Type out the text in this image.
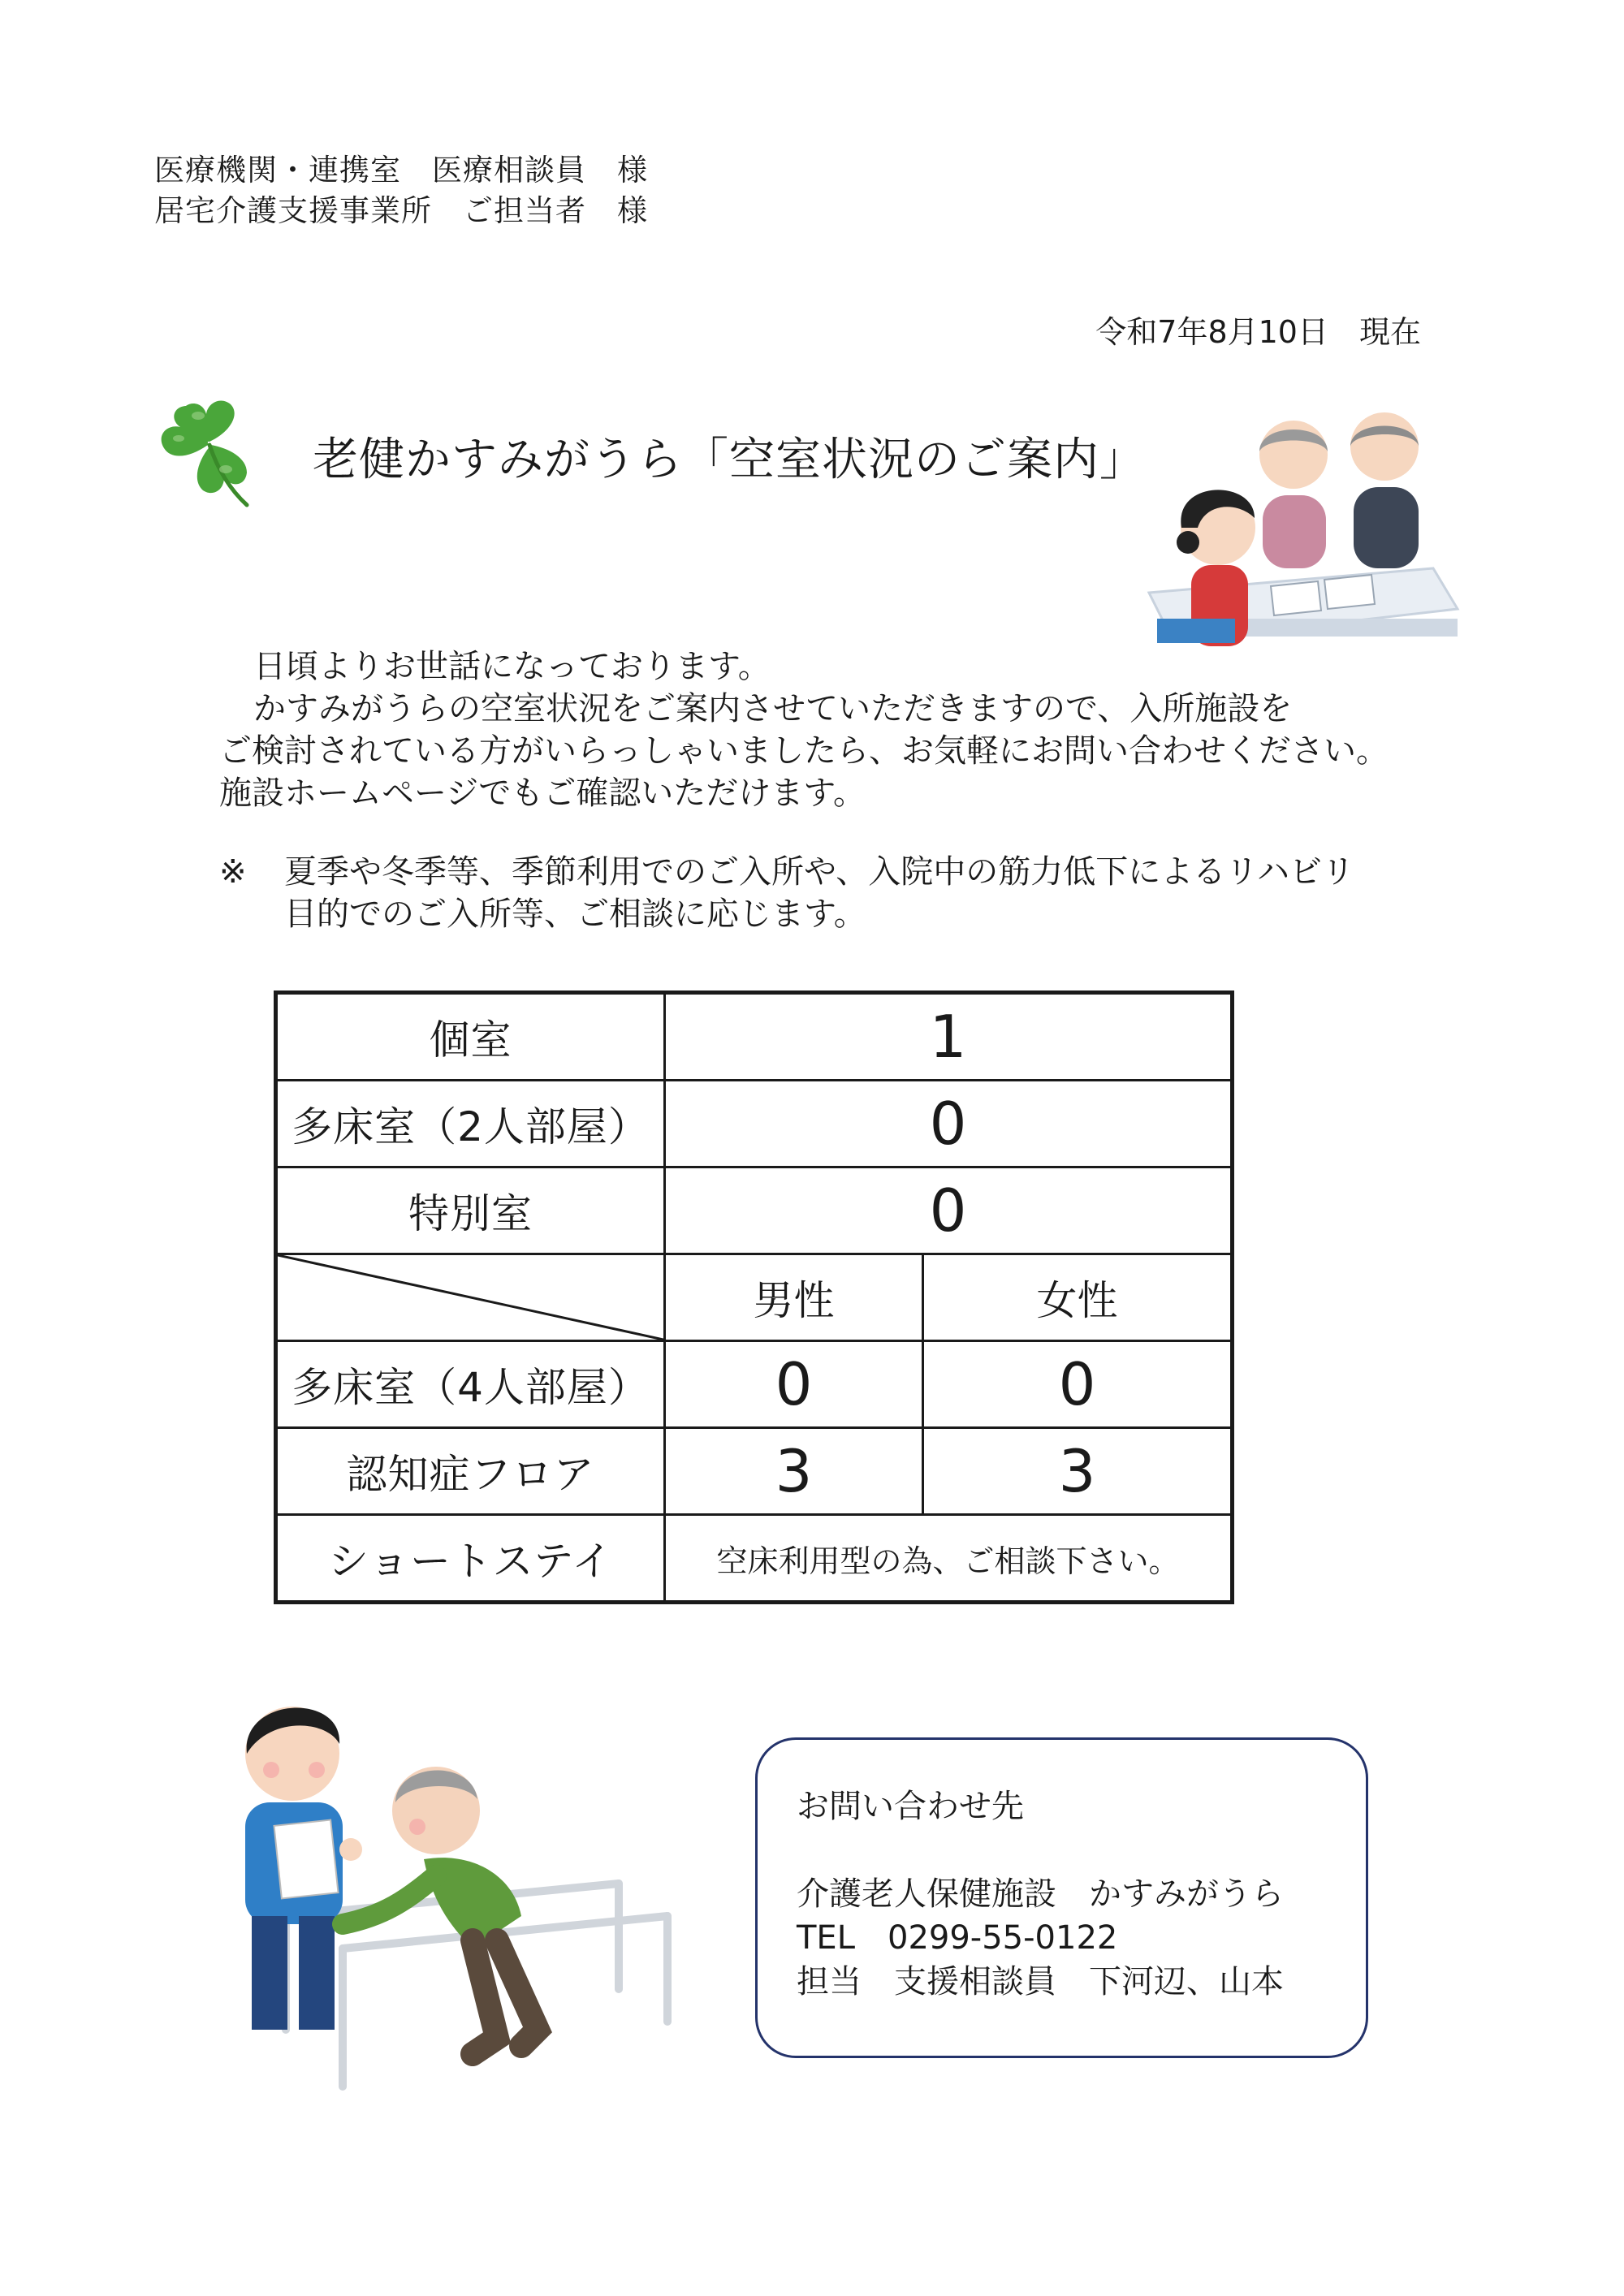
医療機関・連携室　医療相談員　様
居宅介護支援事業所　ご担当者　様
令和7年8月10日　現在
老健かすみがうら「空室状況のご案内」
日頃よりお世話になっております。
かすみがうらの空室状況をご案内させていただきますので、入所施設を
ご検討されている方がいらっしゃいましたら、お気軽にお問い合わせください。
施設ホームページでもご確認いただけます。
※	夏季や冬季等、季節利用でのご入所や、入院中の筋力低下によるリハビリ
目的でのご入所等、ご相談に応じます。
個室	1	
多床室（2人部屋）	0	
特別室	0	

	男性	女性
多床室（4人部屋）	0	0
認知症フロア	3	3
ショートステイ	空床利用型の為、ご相談下さい。	
お問い合わせ先
介護老人保健施設　かすみがうら
TEL　0299-55-0122
担当　支援相談員　下河辺、山本
